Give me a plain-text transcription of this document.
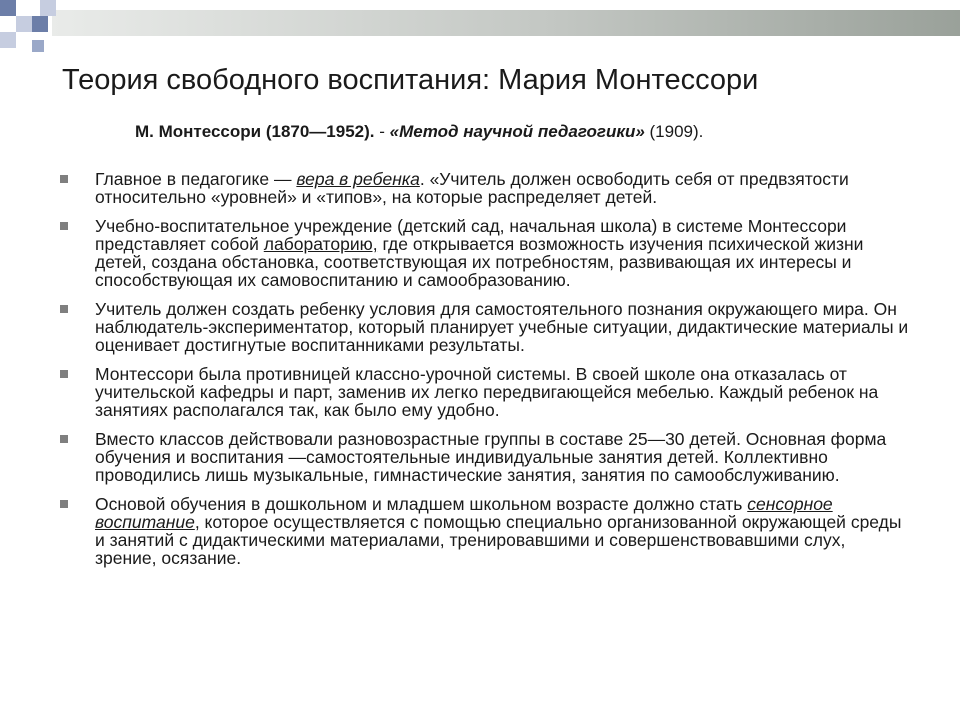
Теория свободного воспитания: Мария Монтессори
М. Монтессори (1870—1952). - «Метод научной педагогики» (1909).
Главное в педагогике — вера в ребенка. «Учитель должен освободить себя от предвзятости относительно «уровней» и «типов», на которые распределяет детей.
Учебно-воспитательное учреждение (детский сад, начальная школа) в системе Монтессори представляет собой лабораторию, где открывается возможность изучения психической жизни детей, создана обстановка, соответствующая их потребностям, развивающая их интересы и способствующая их самовоспитанию и самообразованию.
Учитель должен создать ребенку условия для самостоятельного познания окружающего мира. Он наблюдатель-экспериментатор, который планирует учебные ситуации, дидактические материалы и оценивает достигнутые воспитанниками результаты.
Монтессори была противницей классно-урочной системы. В своей школе она отказалась от учительской кафедры и парт, заменив их легко передвигающейся мебелью. Каждый ребенок на занятиях располагался так, как было ему удобно.
Вместо классов действовали разновозрастные группы в составе 25—30 детей. Основная форма обучения и воспитания —самостоятельные индивидуальные занятия детей. Коллективно проводились лишь музыкальные, гимнастические занятия, занятия по самообслуживанию.
Основой обучения в дошкольном и младшем школьном возрасте должно стать сенсорное воспитание, которое осуществляется с помощью специально организованной окружающей среды и занятий с дидактическими материалами, тренировавшими и совершенствовавшими слух, зрение, осязание.
